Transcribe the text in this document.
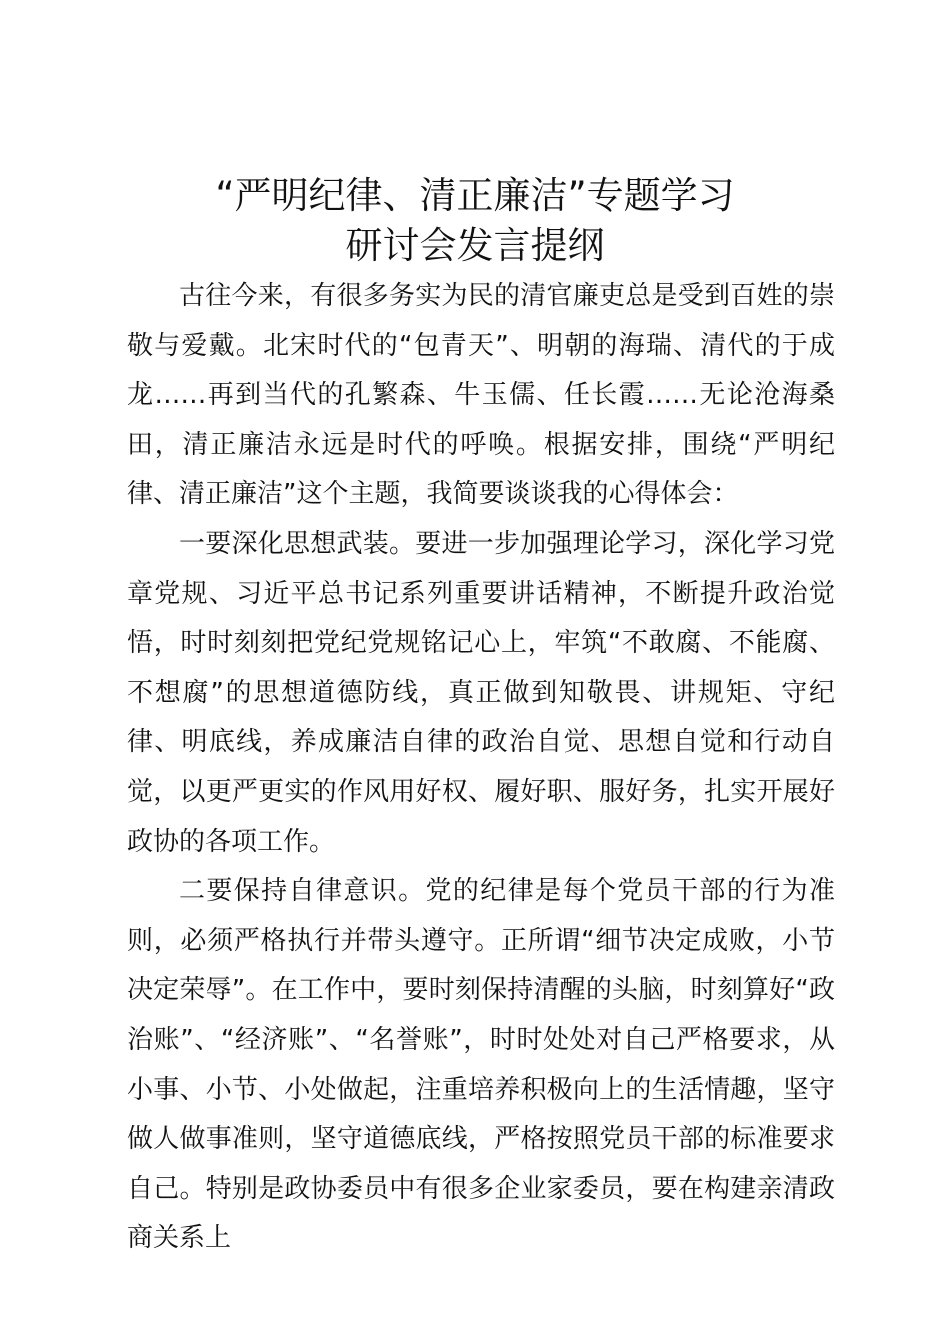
“严明纪律、清正廉洁”专题学习
研讨会发言提纲

古往今来，有很多务实为民的清官廉吏总是受到百姓的崇敬与爱戴。北宋时代的“包青天”、明朝的海瑞、清代的于成龙……再到当代的孔繁森、牛玉儒、任长霞……无论沧海桑田，清正廉洁永远是时代的呼唤。根据安排，围绕“严明纪律、清正廉洁”这个主题，我简要谈谈我的心得体会：

一要深化思想武装。要进一步加强理论学习，深化学习党章党规、习近平总书记系列重要讲话精神，不断提升政治觉悟，时时刻刻把党纪党规铭记心上，牢筑“不敢腐、不能腐、不想腐”的思想道德防线，真正做到知敬畏、讲规矩、守纪律、明底线，养成廉洁自律的政治自觉、思想自觉和行动自觉，以更严更实的作风用好权、履好职、服好务，扎实开展好政协的各项工作。

二要保持自律意识。党的纪律是每个党员干部的行为准则，必须严格执行并带头遵守。正所谓“细节决定成败，小节决定荣辱”。在工作中，要时刻保持清醒的头脑，时刻算好“政治账”、“经济账”、“名誉账”，时时处处对自己严格要求，从小事、小节、小处做起，注重培养积极向上的生活情趣，坚守做人做事准则，坚守道德底线，严格按照党员干部的标准要求自己。特别是政协委员中有很多企业家委员，要在构建亲清政商关系上
